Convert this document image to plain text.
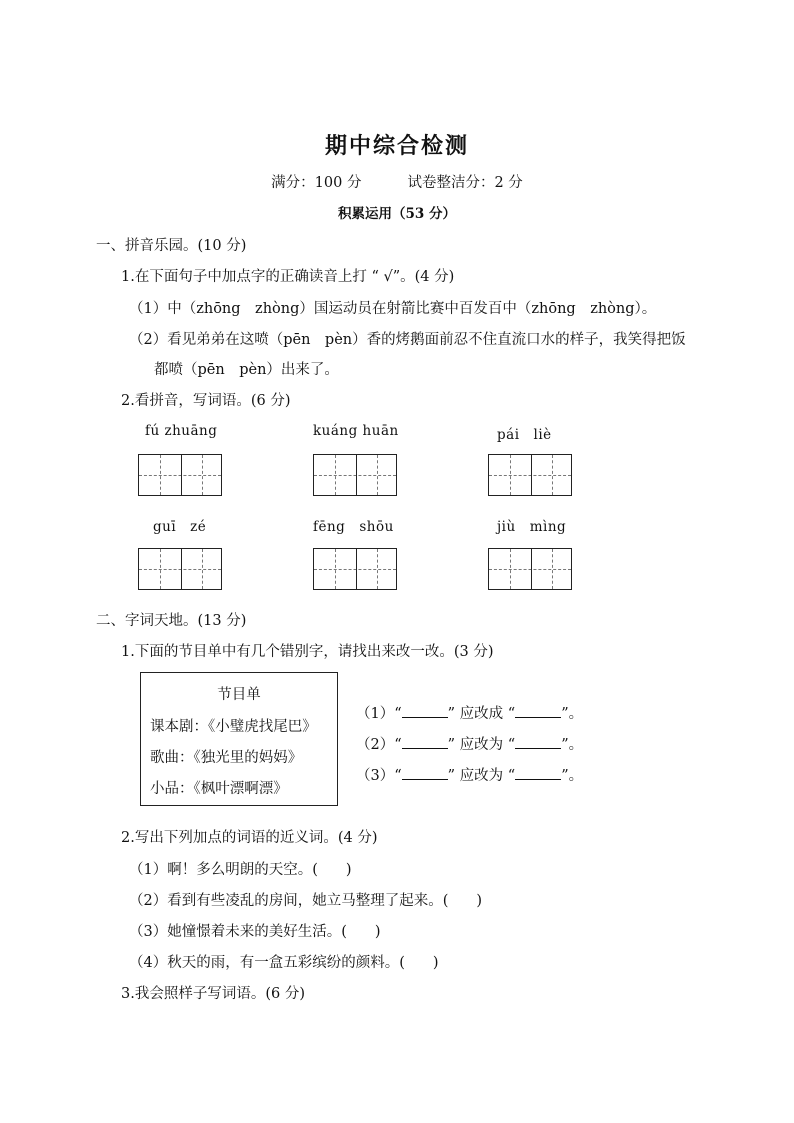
期中综合检测
满分：100 分	试卷整洁分：2 分
积累运用（53 分）
一、拼音乐园。(10 分)
1.在下面句子中加点字的正确读音上打 “ √”。(4 分)
（1）中（zhōng　zhòng）国运动员在射箭比赛中百发百中（zhōng　zhòng）。
（2）看见弟弟在这喷（pēn　pèn）香的烤鹅面前忍不住直流口水的样子，我笑得把饭
都喷（pēn　pèn）出来了。
2.看拼音，写词语。(6 分)
fú zhuāng	kuáng huān	pái　liè
guī　zé	fēng　shōu	jiù　mìng
二、字词天地。(13 分)
1.下面的节目单中有几个错别字，请找出来改一改。(3 分)
节目单
课本剧：《小璧虎找尾巴》
歌曲：《独光里的妈妈》
小品：《枫叶漂啊漂》
（1）“	” 应改成 “	”。
（2）“	” 应改为 “	”。
（3）“	” 应改为 “	”。
2.写出下列加点的词语的近义词。(4 分)
（1）啊！多么明朗的天空。( )
（2）看到有些凌乱的房间，她立马整理了起来。( )
（3）她憧憬着未来的美好生活。( )
（4）秋天的雨，有一盒五彩缤纷的颜料。( )
3.我会照样子写词语。(6 分)
